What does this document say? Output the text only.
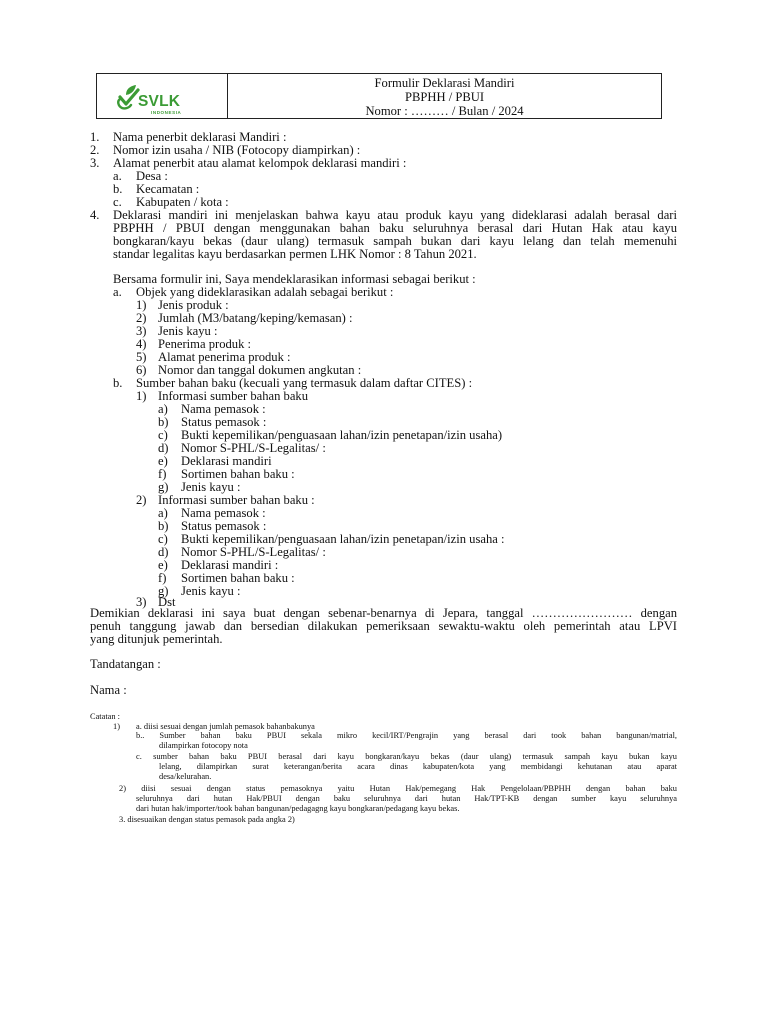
SVLK
INDONESIA
Formulir Deklarasi Mandiri
PBPHH / PBUI
Nomor : ……… / Bulan / 2024
1. Nama penerbit deklarasi Mandiri :
2. Nomor izin usaha / NIB (Fotocopy diampirkan) :
3. Alamat penerbit atau alamat kelompok deklarasi mandiri :
a. Desa :
b. Kecamatan :
c. Kabupaten / kota :
4. Deklarasi mandiri ini menjelaskan bahwa kayu atau produk kayu yang dideklarasi adalah berasal dari
PBPHH / PBUI dengan menggunakan bahan baku seluruhnya berasal dari Hutan Hak atau kayu
bongkaran/kayu bekas (daur ulang) termasuk sampah bukan dari kayu lelang dan telah memenuhi
standar legalitas kayu berdasarkan permen LHK Nomor : 8 Tahun 2021.
Bersama formulir ini, Saya mendeklarasikan informasi sebagai berikut :
a. Objek yang dideklarasikan adalah sebagai berikut :
1) Jenis produk :
2) Jumlah (M3/batang/keping/kemasan) :
3) Jenis kayu :
4) Penerima produk :
5) Alamat penerima produk :
6) Nomor dan tanggal dokumen angkutan :
b. Sumber bahan baku (kecuali yang termasuk dalam daftar CITES) :
1) Informasi sumber bahan baku
a) Nama pemasok :
b) Status pemasok :
c) Bukti kepemilikan/penguasaan lahan/izin penetapan/izin usaha)
d) Nomor S-PHL/S-Legalitas/ :
e) Deklarasi mandiri
f) Sortimen bahan baku :
g) Jenis kayu :
2) Informasi sumber bahan baku :
a) Nama pemasok :
b) Status pemasok :
c) Bukti kepemilikan/penguasaan lahan/izin penetapan/izin usaha :
d) Nomor S-PHL/S-Legalitas/ :
e) Deklarasi mandiri :
f) Sortimen bahan baku :
g) Jenis kayu :
3) Dst
Demikian deklarasi ini saya buat dengan sebenar-benarnya di Jepara, tanggal …………………… dengan
penuh tanggung jawab dan bersedian dilakukan pemeriksaan sewaktu-waktu oleh pemerintah atau LPVI
yang ditunjuk pemerintah.
Tandatangan :
Nama :
Catatan :
1) a. diisi sesuai dengan jumlah pemasok bahanbakunya
b.. Sumber bahan baku PBUI sekala mikro kecil/IRT/Pengrajin yang berasal dari took bahan bangunan/matrial,
dilampirkan fotocopy nota
c. sumber bahan baku PBUI berasal dari kayu bongkaran/kayu bekas (daur ulang) termasuk sampah kayu bukan kayu
lelang, dilampirkan surat keterangan/berita acara dinas kabupaten/kota yang membidangi kehutanan atau aparat
desa/kelurahan.
2) diisi sesuai dengan status pemasoknya yaitu Hutan Hak/pemegang Hak Pengelolaan/PBPHH dengan bahan baku
seluruhnya dari hutan Hak/PBUI dengan baku seluruhnya dari hutan Hak/TPT-KB dengan sumber kayu seluruhnya
dari hutan hak/importer/took bahan bangunan/pedagagng kayu bongkaran/pedagang kayu bekas.
3. disesuaikan dengan status pemasok pada angka 2)
